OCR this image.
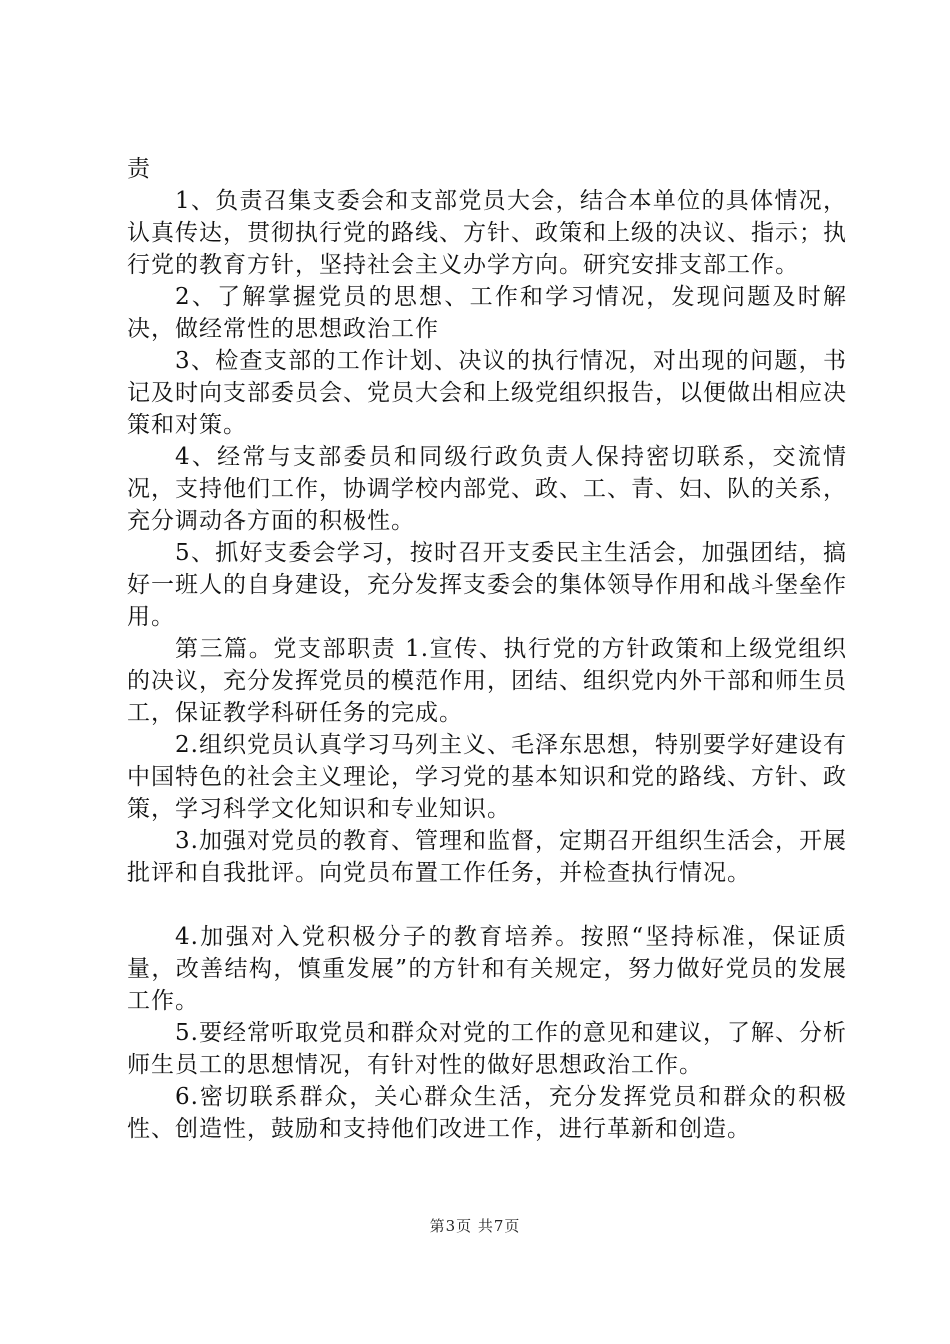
责

1、负责召集支委会和支部党员大会，结合本单位的具体情况，认真传达，贯彻执行党的路线、方针、政策和上级的决议、指示；执行党的教育方针，坚持社会主义办学方向。研究安排支部工作。

2、了解掌握党员的思想、工作和学习情况，发现问题及时解决，做经常性的思想政治工作

3、检查支部的工作计划、决议的执行情况，对出现的问题，书记及时向支部委员会、党员大会和上级党组织报告，以便做出相应决策和对策。

4、经常与支部委员和同级行政负责人保持密切联系，交流情况，支持他们工作，协调学校内部党、政、工、青、妇、队的关系，充分调动各方面的积极性。

5、抓好支委会学习，按时召开支委民主生活会，加强团结，搞好一班人的自身建设，充分发挥支委会的集体领导作用和战斗堡垒作用。

第三篇。党支部职责 1.宣传、执行党的方针政策和上级党组织的决议，充分发挥党员的模范作用，团结、组织党内外干部和师生员工，保证教学科研任务的完成。

2.组织党员认真学习马列主义、毛泽东思想，特别要学好建设有中国特色的社会主义理论，学习党的基本知识和党的路线、方针、政策，学习科学文化知识和专业知识。

3.加强对党员的教育、管理和监督，定期召开组织生活会，开展批评和自我批评。向党员布置工作任务，并检查执行情况。

4.加强对入党积极分子的教育培养。按照“坚持标准，保证质量，改善结构，慎重发展”的方针和有关规定，努力做好党员的发展工作。

5.要经常听取党员和群众对党的工作的意见和建议，了解、分析师生员工的思想情况，有针对性的做好思想政治工作。

6.密切联系群众，关心群众生活，充分发挥党员和群众的积极性、创造性，鼓励和支持他们改进工作，进行革新和创造。

第3页 共7页
